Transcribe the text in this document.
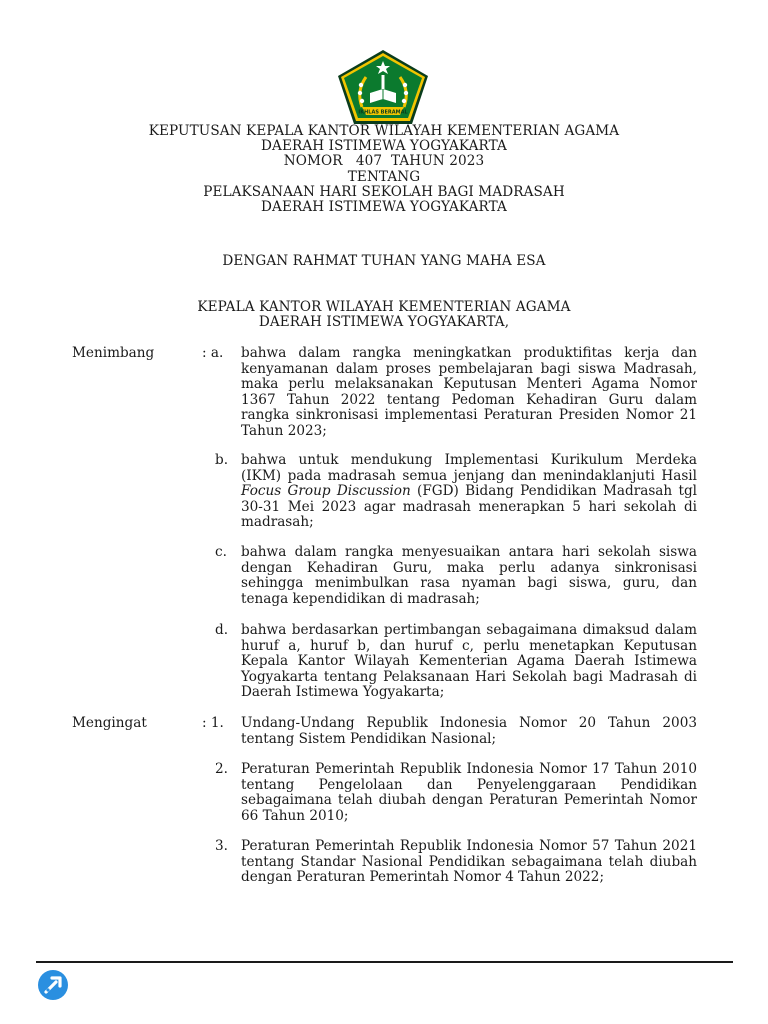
IKHLAS BERAMAL
KEPUTUSAN KEPALA KANTOR WILAYAH KEMENTERIAN AGAMA
DAERAH ISTIMEWA YOGYAKARTA
NOMOR   407  TAHUN 2023
TENTANG
PELAKSANAAN HARI SEKOLAH BAGI MADRASAH
DAERAH ISTIMEWA YOGYAKARTA
DENGAN RAHMAT TUHAN YANG MAHA ESA
KEPALA KANTOR WILAYAH KEMENTERIAN AGAMA
DAERAH ISTIMEWA YOGYAKARTA,
Menimbang	: a. bahwa dalam rangka meningkatkan produktifitas kerja dan kenyamanan dalam proses pembelajaran bagi siswa Madrasah, maka perlu melaksanakan Keputusan Menteri Agama Nomor 1367 Tahun 2022 tentang Pedoman Kehadiran Guru dalam rangka sinkronisasi implementasi Peraturan Presiden Nomor 21 Tahun 2023;
b. bahwa untuk mendukung Implementasi Kurikulum Merdeka (IKM) pada madrasah semua jenjang dan menindaklanjuti Hasil Focus Group Discussion (FGD) Bidang Pendidikan Madrasah tgl 30-31 Mei 2023 agar madrasah menerapkan 5 hari sekolah di madrasah;
c. bahwa dalam rangka menyesuaikan antara hari sekolah siswa dengan Kehadiran Guru, maka perlu adanya sinkronisasi sehingga menimbulkan rasa nyaman bagi siswa, guru, dan tenaga kependidikan di madrasah;
d. bahwa berdasarkan pertimbangan sebagaimana dimaksud dalam huruf a, huruf b, dan huruf c, perlu menetapkan Keputusan Kepala Kantor Wilayah Kementerian Agama Daerah Istimewa Yogyakarta tentang Pelaksanaan Hari Sekolah bagi Madrasah di Daerah Istimewa Yogyakarta;
Mengingat	: 1. Undang-Undang Republik Indonesia Nomor 20 Tahun 2003 tentang Sistem Pendidikan Nasional;
2. Peraturan Pemerintah Republik Indonesia Nomor 17 Tahun 2010 tentang Pengelolaan dan Penyelenggaraan Pendidikan sebagaimana telah diubah dengan Peraturan Pemerintah Nomor 66 Tahun 2010;
3. Peraturan Pemerintah Republik Indonesia Nomor 57 Tahun 2021 tentang Standar Nasional Pendidikan sebagaimana telah diubah dengan Peraturan Pemerintah Nomor 4 Tahun 2022;
